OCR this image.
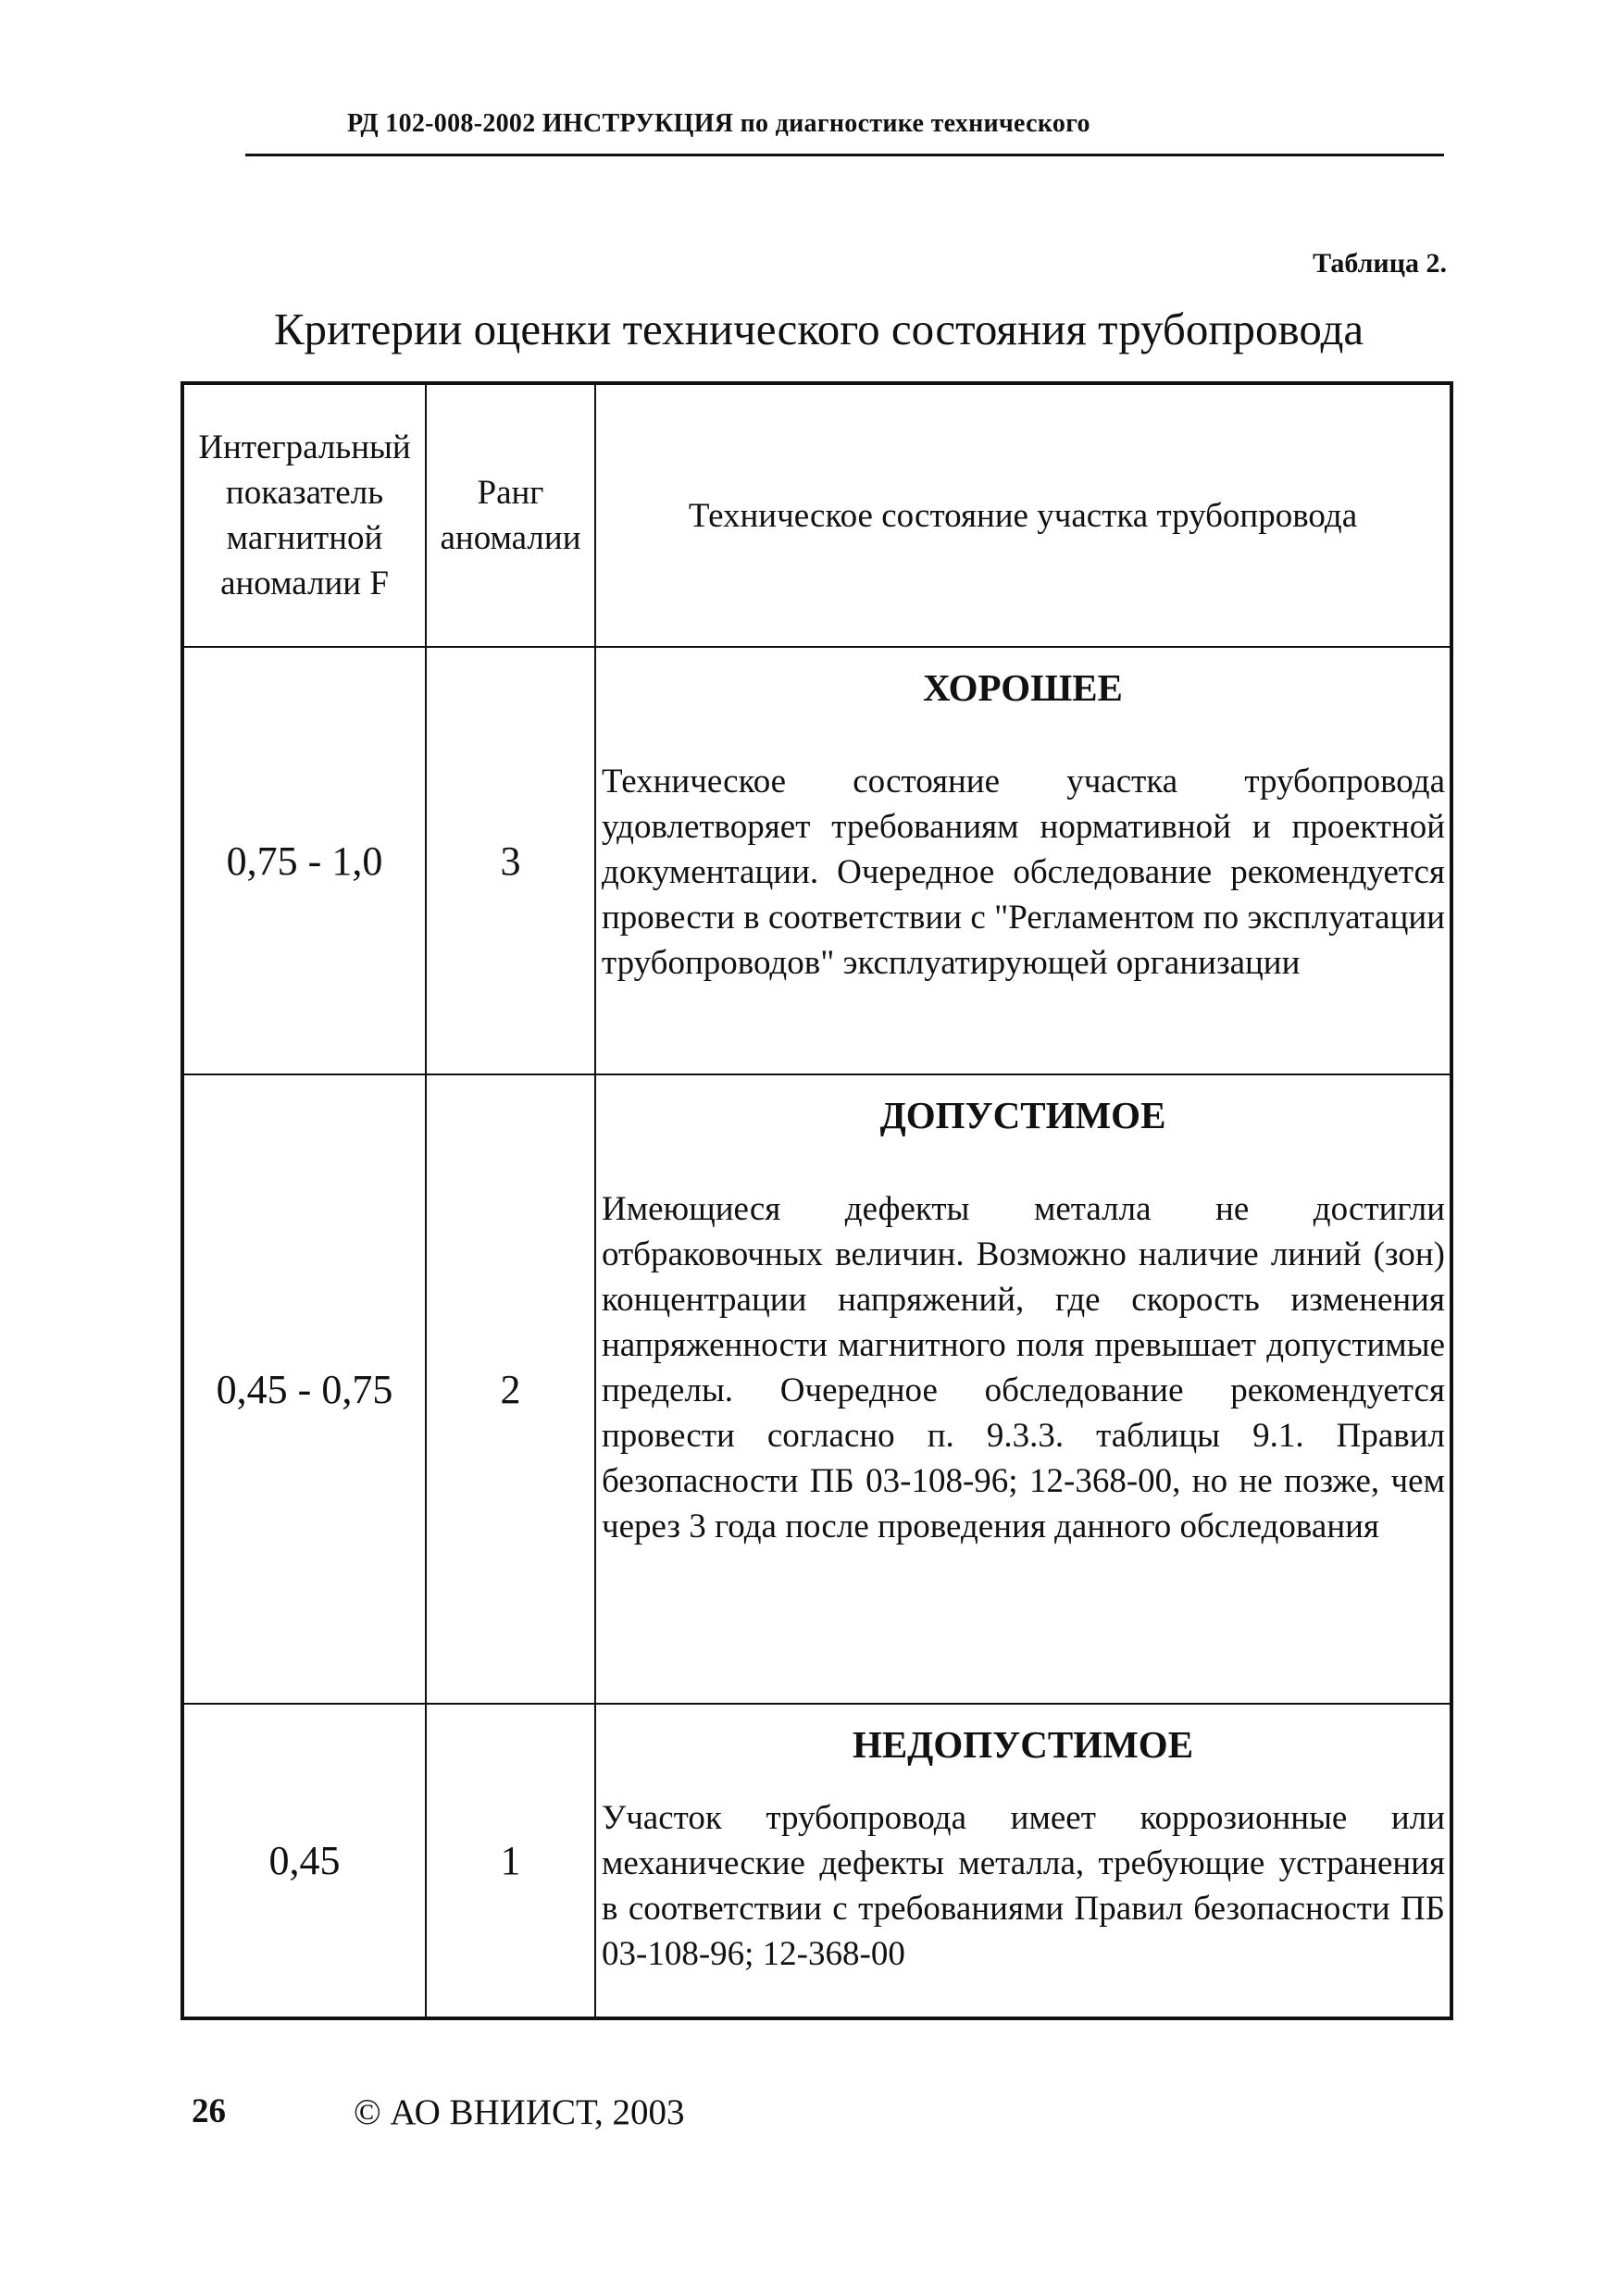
РД 102-008-2002 ИНСТРУКЦИЯ по диагностике технического
Таблица 2.
Критерии оценки технического состояния трубопровода
Интегральный показатель магнитной аномалии F	Ранг аномалии	Техническое состояние участка трубопровода
0,75 - 1,0	3	ХОРОШЕЕ

Техническое состояние участка трубопровода удовлетворяет требованиям нормативной и проектной документации. Очередное обследование рекомендуется провести в соответствии с "Регламентом по эксплуатации трубопроводов" эксплуатирующей организации

0,45 - 0,75	2	ДОПУСТИМОЕ

Имеющиеся дефекты металла не достигли отбраковочных величин. Возможно наличие линий (зон) концентрации напряжений, где скорость изменения напряженности магнитного поля превышает допустимые пределы. Очередное обследование рекомендуется провести согласно п. 9.3.3. таблицы 9.1. Правил безопасности ПБ 03-108-96; 12-368-00, но не позже, чем через 3 года после проведения данного обследования

0,45	1	НЕДОПУСТИМОЕ

Участок трубопровода имеет коррозионные или механические дефекты металла, требующие устранения в соответствии с требованиями Правил безопасности ПБ 03-108-96; 12-368-00

26	© АО ВНИИСТ, 2003
